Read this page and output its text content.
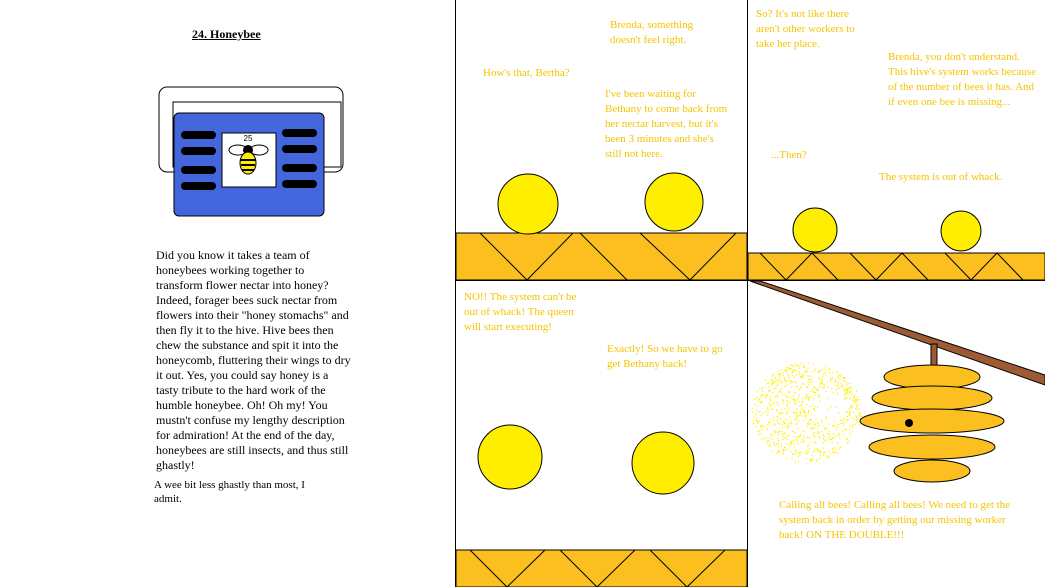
24. Honeybee
25
Did you know it takes a team of honeybees working together to transform flower nectar into honey? Indeed, forager bees suck nectar from flowers into their "honey stomachs" and then fly it to the hive. Hive bees then chew the substance and spit it into the honeycomb, fluttering their wings to dry it out. Yes, you could say honey is a tasty tribute to the hard work of the humble honeybee. Oh! Oh my! You mustn't confuse my lengthy description for admiration! At the end of the day, honeybees are still insects, and thus still ghastly!
A wee bit less ghastly than most, I admit.
How's that, Bertha?
Brenda, something doesn't feel right.
I've been waiting for Bethany to come back from her nectar harvest, but it's been 3 minutes and she's still not here.
So? It's not like there aren't other workers to take her place.
Brenda, you don't understand. This hive's system works because of the number of bees it has. And if even one bee is missing...
...Then?
The system is out of whack.
NO!! The system can't be out of whack! The queen will start executing!
Exactly! So we have to go get Bethany back!
Calling all bees! Calling all bees! We need to get the system back in order by getting our missing worker back! ON THE DOUBLE!!!
